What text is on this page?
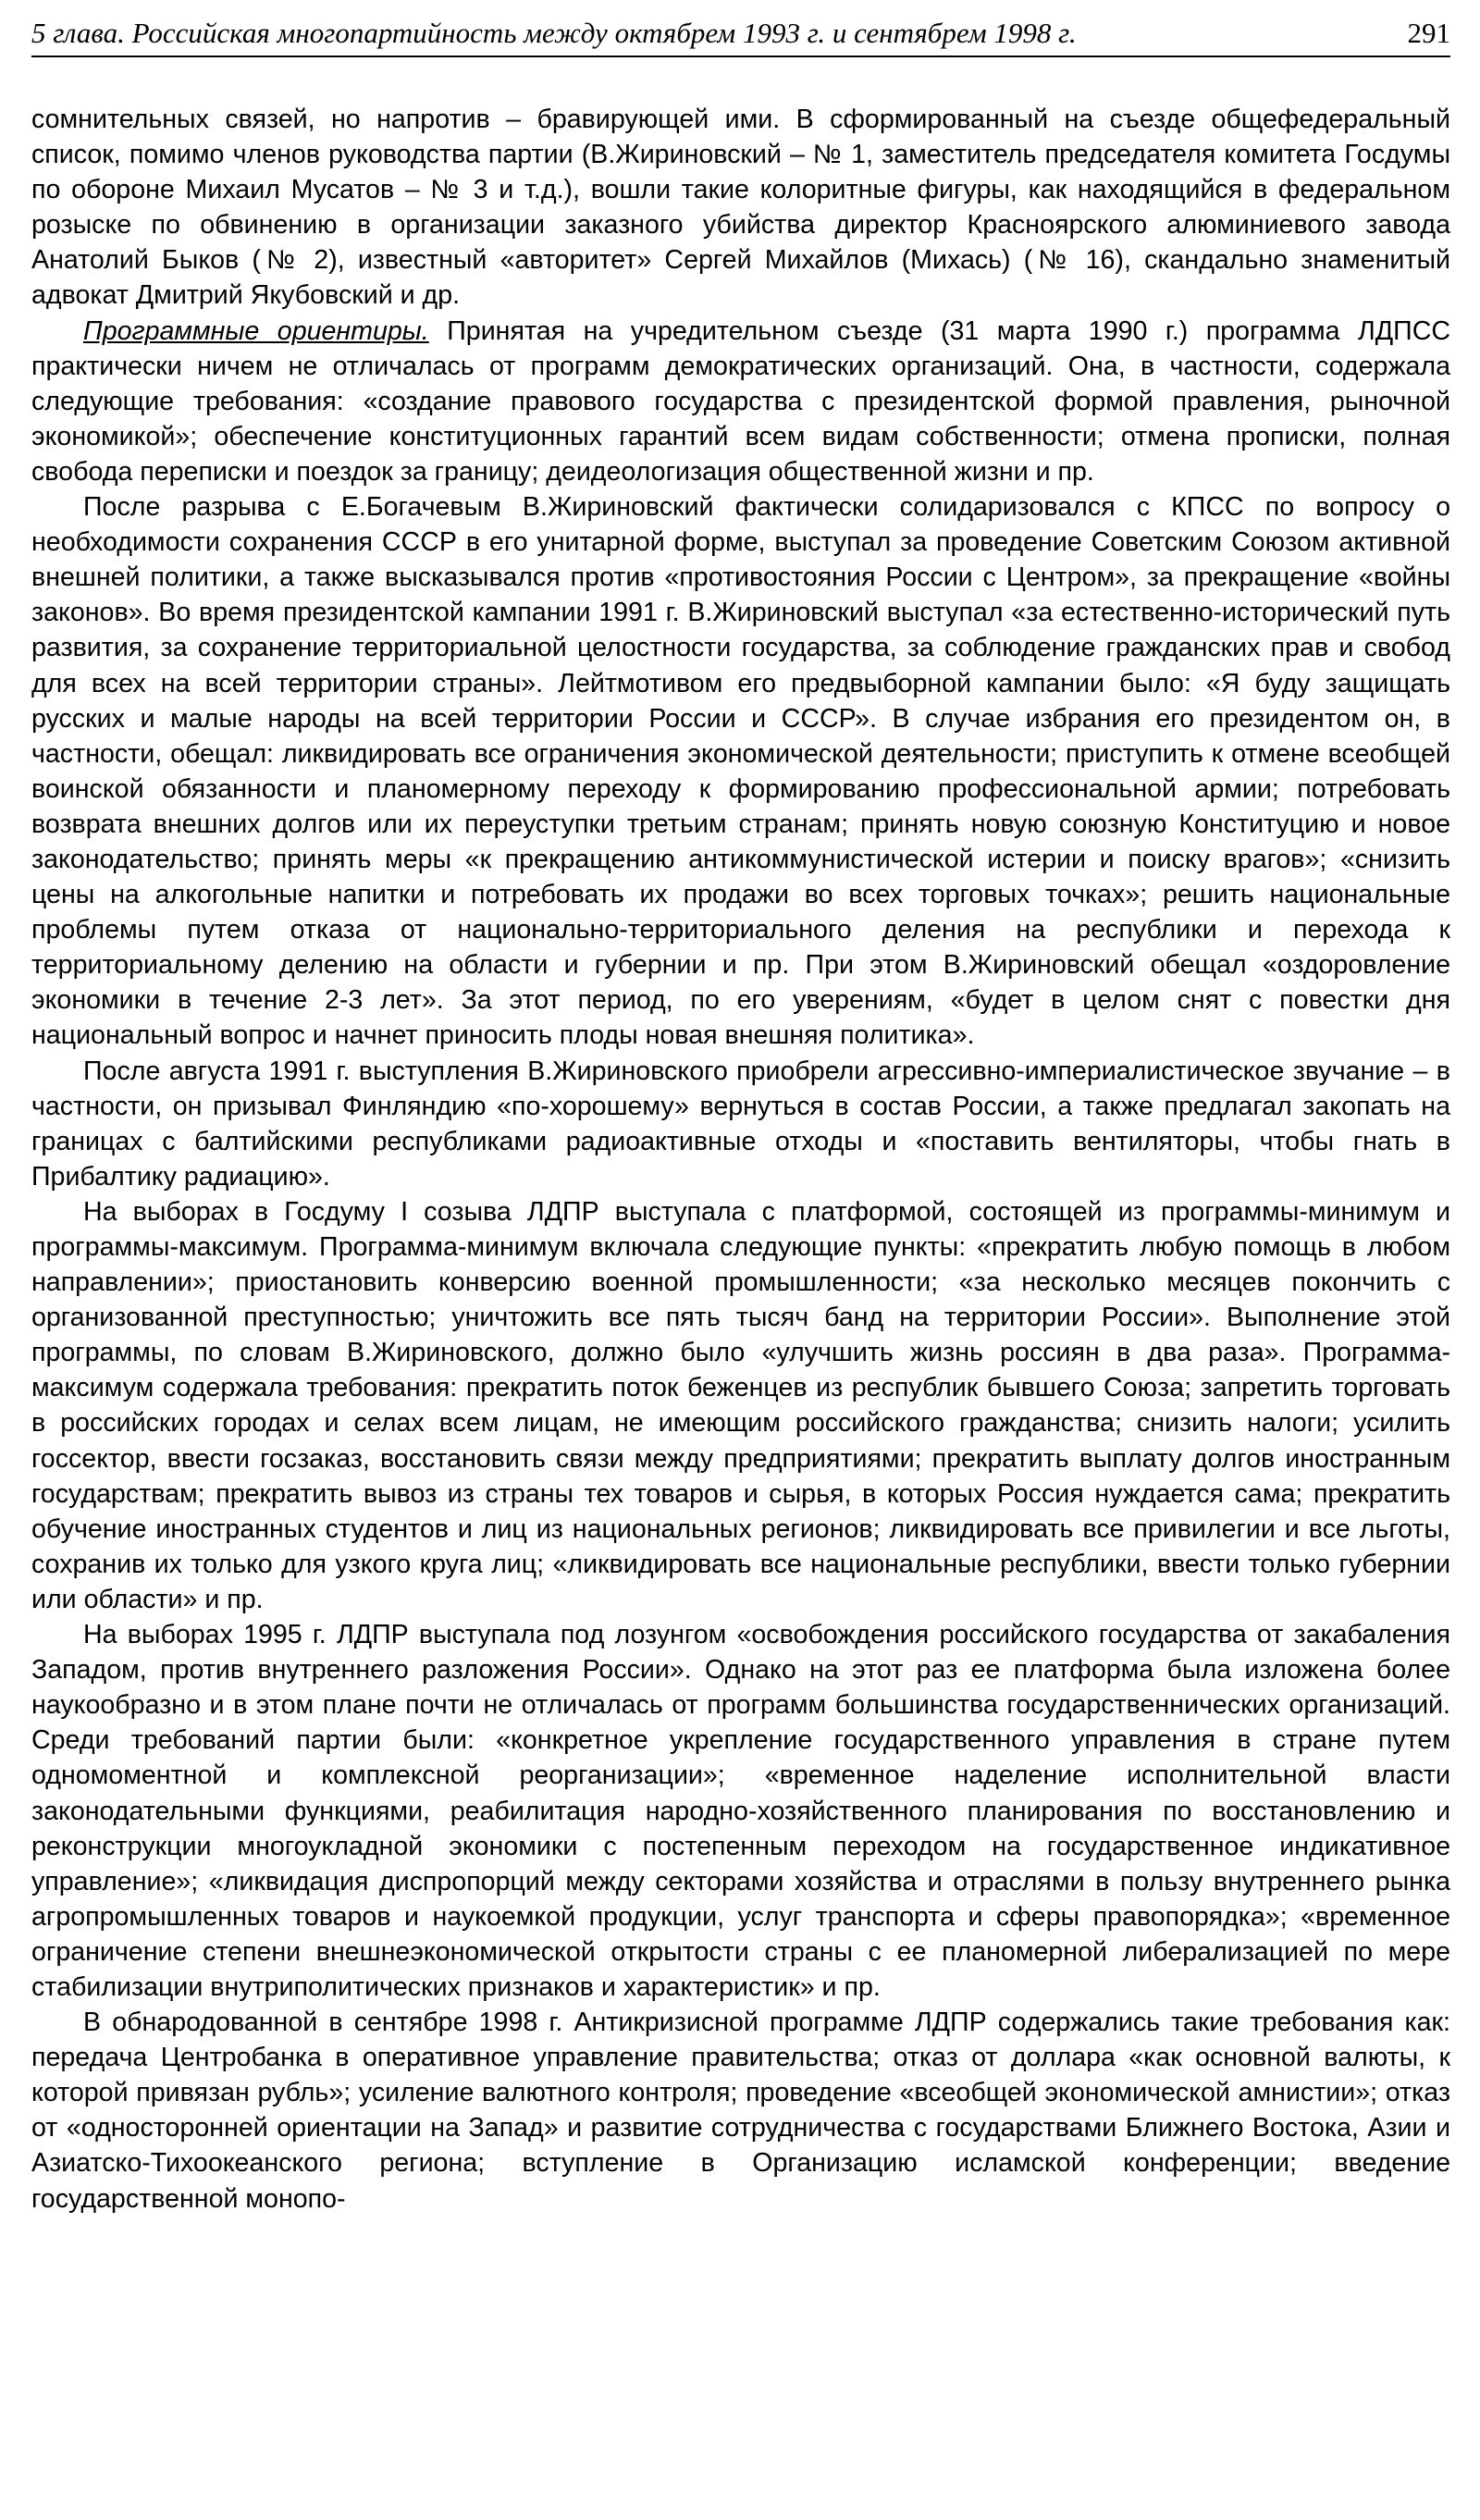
5 глава. Российская многопартийность между октябрем 1993 г. и сентябрем 1998 г.	291

сомнительных связей, но напротив – бравирующей ими. В сформированный на съезде общефедеральный список, помимо членов руководства партии (В.Жириновский – № 1, заместитель председателя комитета Госдумы по обороне Михаил Мусатов – № 3 и т.д.), вошли такие колоритные фигуры, как находящийся в федеральном розыске по обвинению в организации заказного убийства директор Красноярского алюминиевого завода Анатолий Быков (№ 2), известный «авторитет» Сергей Михайлов (Михась) (№ 16), скандально знаменитый адвокат Дмитрий Якубовский и др.

Программные ориентиры. Принятая на учредительном съезде (31 марта 1990 г.) программа ЛДПСС практически ничем не отличалась от программ демократических организаций. Она, в частности, содержала следующие требования: «создание правового государства с президентской формой правления, рыночной экономикой»; обеспечение конституционных гарантий всем видам собственности; отмена прописки, полная свобода переписки и поездок за границу; деидеологизация общественной жизни и пр.

После разрыва с Е.Богачевым В.Жириновский фактически солидаризовался с КПСС по вопросу о необходимости сохранения СССР в его унитарной форме, выступал за проведение Советским Союзом активной внешней политики, а также высказывался против «противостояния России с Центром», за прекращение «войны законов». Во время президентской кампании 1991 г. В.Жириновский выступал «за естественно-исторический путь развития, за сохранение территориальной целостности государства, за соблюдение гражданских прав и свобод для всех на всей территории страны». Лейтмотивом его предвыборной кампании было: «Я буду защищать русских и малые народы на всей территории России и СССР». В случае избрания его президентом он, в частности, обещал: ликвидировать все ограничения экономической деятельности; приступить к отмене всеобщей воинской обязанности и планомерному переходу к формированию профессиональной армии; потребовать возврата внешних долгов или их переуступки третьим странам; принять новую союзную Конституцию и новое законодательство; принять меры «к прекращению антикоммунистической истерии и поиску врагов»; «снизить цены на алкогольные напитки и потребовать их продажи во всех торговых точках»; решить национальные проблемы путем отказа от национально-территориального деления на республики и перехода к территориальному делению на области и губернии и пр. При этом В.Жириновский обещал «оздоровление экономики в течение 2-3 лет». За этот период, по его уверениям, «будет в целом снят с повестки дня национальный вопрос и начнет приносить плоды новая внешняя политика».

После августа 1991 г. выступления В.Жириновского приобрели агрессивно-империалистическое звучание – в частности, он призывал Финляндию «по-хорошему» вернуться в состав России, а также предлагал закопать на границах с балтийскими республиками радиоактивные отходы и «поставить вентиляторы, чтобы гнать в Прибалтику радиацию».

На выборах в Госдуму I созыва ЛДПР выступала с платформой, состоящей из программы-минимум и программы-максимум. Программа-минимум включала следующие пункты: «прекратить любую помощь в любом направлении»; приостановить конверсию военной промышленности; «за несколько месяцев покончить с организованной преступностью; уничтожить все пять тысяч банд на территории России». Выполнение этой программы, по словам В.Жириновского, должно было «улучшить жизнь россиян в два раза». Программа-максимум содержала требования: прекратить поток беженцев из республик бывшего Союза; запретить торговать в российских городах и селах всем лицам, не имеющим российского гражданства; снизить налоги; усилить госсектор, ввести госзаказ, восстановить связи между предприятиями; прекратить выплату долгов иностранным государствам; прекратить вывоз из страны тех товаров и сырья, в которых Россия нуждается сама; прекратить обучение иностранных студентов и лиц из национальных регионов; ликвидировать все привилегии и все льготы, сохранив их только для узкого круга лиц; «ликвидировать все национальные республики, ввести только губернии или области» и пр.

На выборах 1995 г. ЛДПР выступала под лозунгом «освобождения российского государства от закабаления Западом, против внутреннего разложения России». Однако на этот раз ее платформа была изложена более наукообразно и в этом плане почти не отличалась от программ большинства государственнических организаций. Среди требований партии были: «конкретное укрепление государственного управления в стране путем одномоментной и комплексной реорганизации»; «временное наделение исполнительной власти законодательными функциями, реабилитация народно-хозяйственного планирования по восстановлению и реконструкции многоукладной экономики с постепенным переходом на государственное индикативное управление»; «ликвидация диспропорций между секторами хозяйства и отраслями в пользу внутреннего рынка агропромышленных товаров и наукоемкой продукции, услуг транспорта и сферы правопорядка»; «временное ограничение степени внешнеэкономической открытости страны с ее планомерной либерализацией по мере стабилизации внутриполитических признаков и характеристик» и пр.

В обнародованной в сентябре 1998 г. Антикризисной программе ЛДПР содержались такие требования как: передача Центробанка в оперативное управление правительства; отказ от доллара «как основной валюты, к которой привязан рубль»; усиление валютного контроля; проведение «всеобщей экономической амнистии»; отказ от «односторонней ориентации на Запад» и развитие сотрудничества с государствами Ближнего Востока, Азии и Азиатско-Тихоокеанского региона; вступление в Организацию исламской конференции; введение государственной монопо-
